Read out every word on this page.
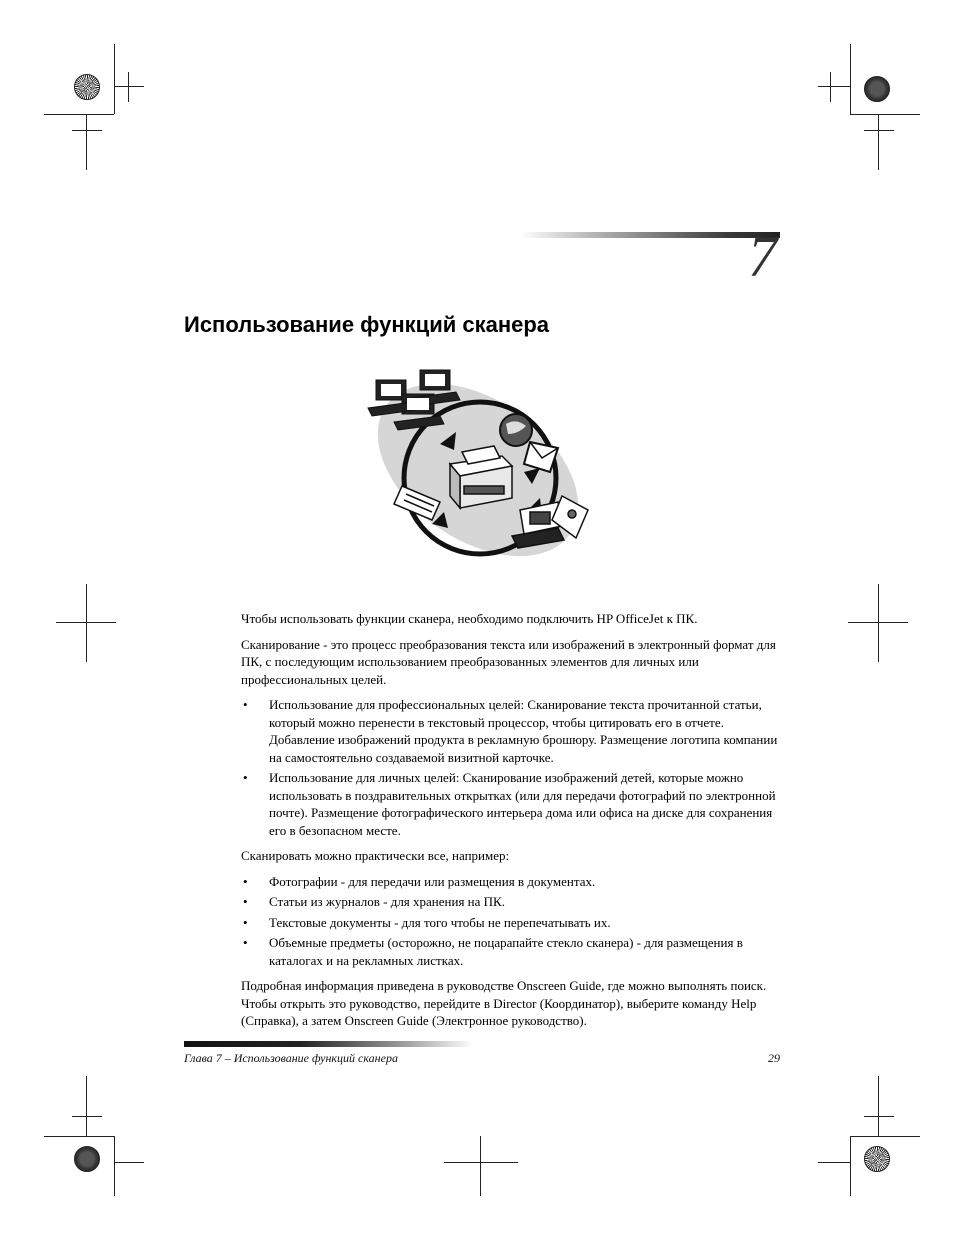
7
Использование функций сканера

Чтобы использовать функции сканера, необходимо подключить HP OfficeJet к ПК.

Сканирование - это процесс преобразования текста или изображений в электронный формат для ПК, с последующим использованием преобразованных элементов для личных или профессиональных целей.

• Использование для профессиональных целей: Сканирование текста прочитанной статьи, который можно перенести в текстовый процессор, чтобы цитировать его в отчете. Добавление изображений продукта в рекламную брошюру. Размещение логотипа компании на самостоятельно создаваемой визитной карточке.
• Использование для личных целей: Сканирование изображений детей, которые можно использовать в поздравительных открытках (или для передачи фотографий по электронной почте). Размещение фотографического интерьера дома или офиса на диске для сохранения его в безопасном месте.

Сканировать можно практически все, например:

• Фотографии - для передачи или размещения в документах.
• Статьи из журналов - для хранения на ПК.
• Текстовые документы - для того чтобы не перепечатывать их.
• Объемные предметы (осторожно, не поцарапайте стекло сканера) - для размещения в каталогах и на рекламных листках.

Подробная информация приведена в руководстве Onscreen Guide, где можно выполнять поиск. Чтобы открыть это руководство, перейдите в Director (Координатор), выберите команду Help (Справка), а затем Onscreen Guide (Электронное руководство).

Глава 7 – Использование функций сканера	29
